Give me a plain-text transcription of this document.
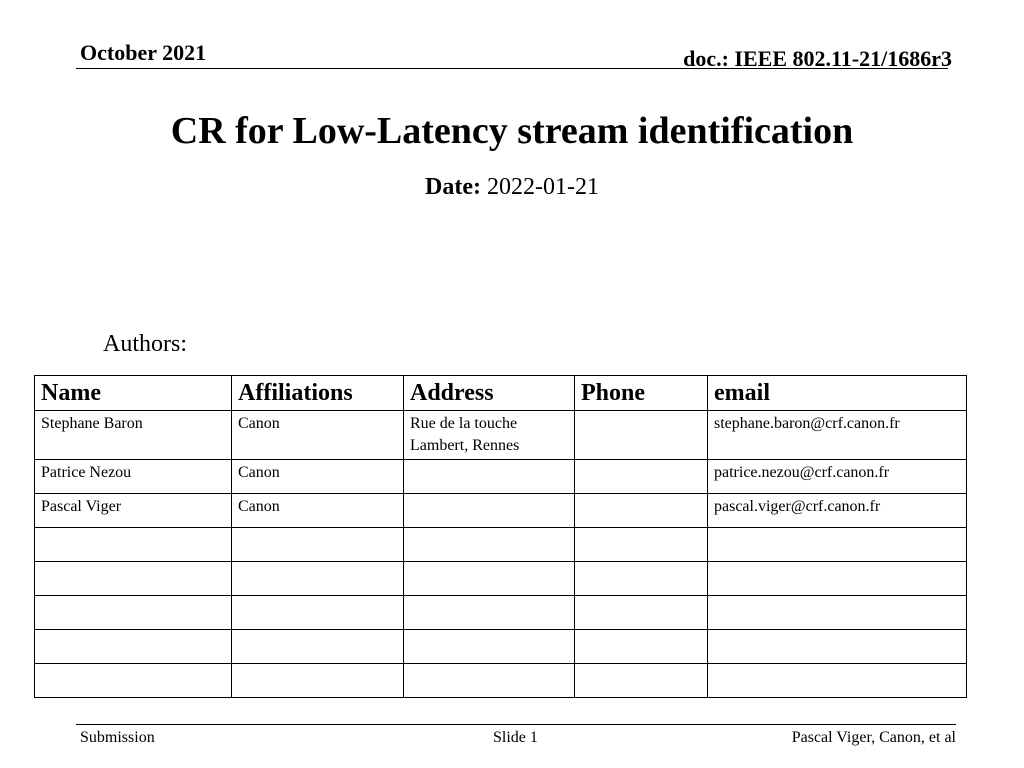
October 2021	doc.: IEEE 802.11-21/1686r3
CR for Low-Latency stream identification
Date: 2022-01-21
Authors:
Name	Affiliations	Address	Phone	email
Stephane Baron	Canon	Rue de la touche Lambert, Rennes		stephane.baron@crf.canon.fr
Patrice Nezou	Canon			patrice.nezou@crf.canon.fr
Pascal Viger	Canon			pascal.viger@crf.canon.fr

Submission	Slide 1	Pascal Viger, Canon, et al
